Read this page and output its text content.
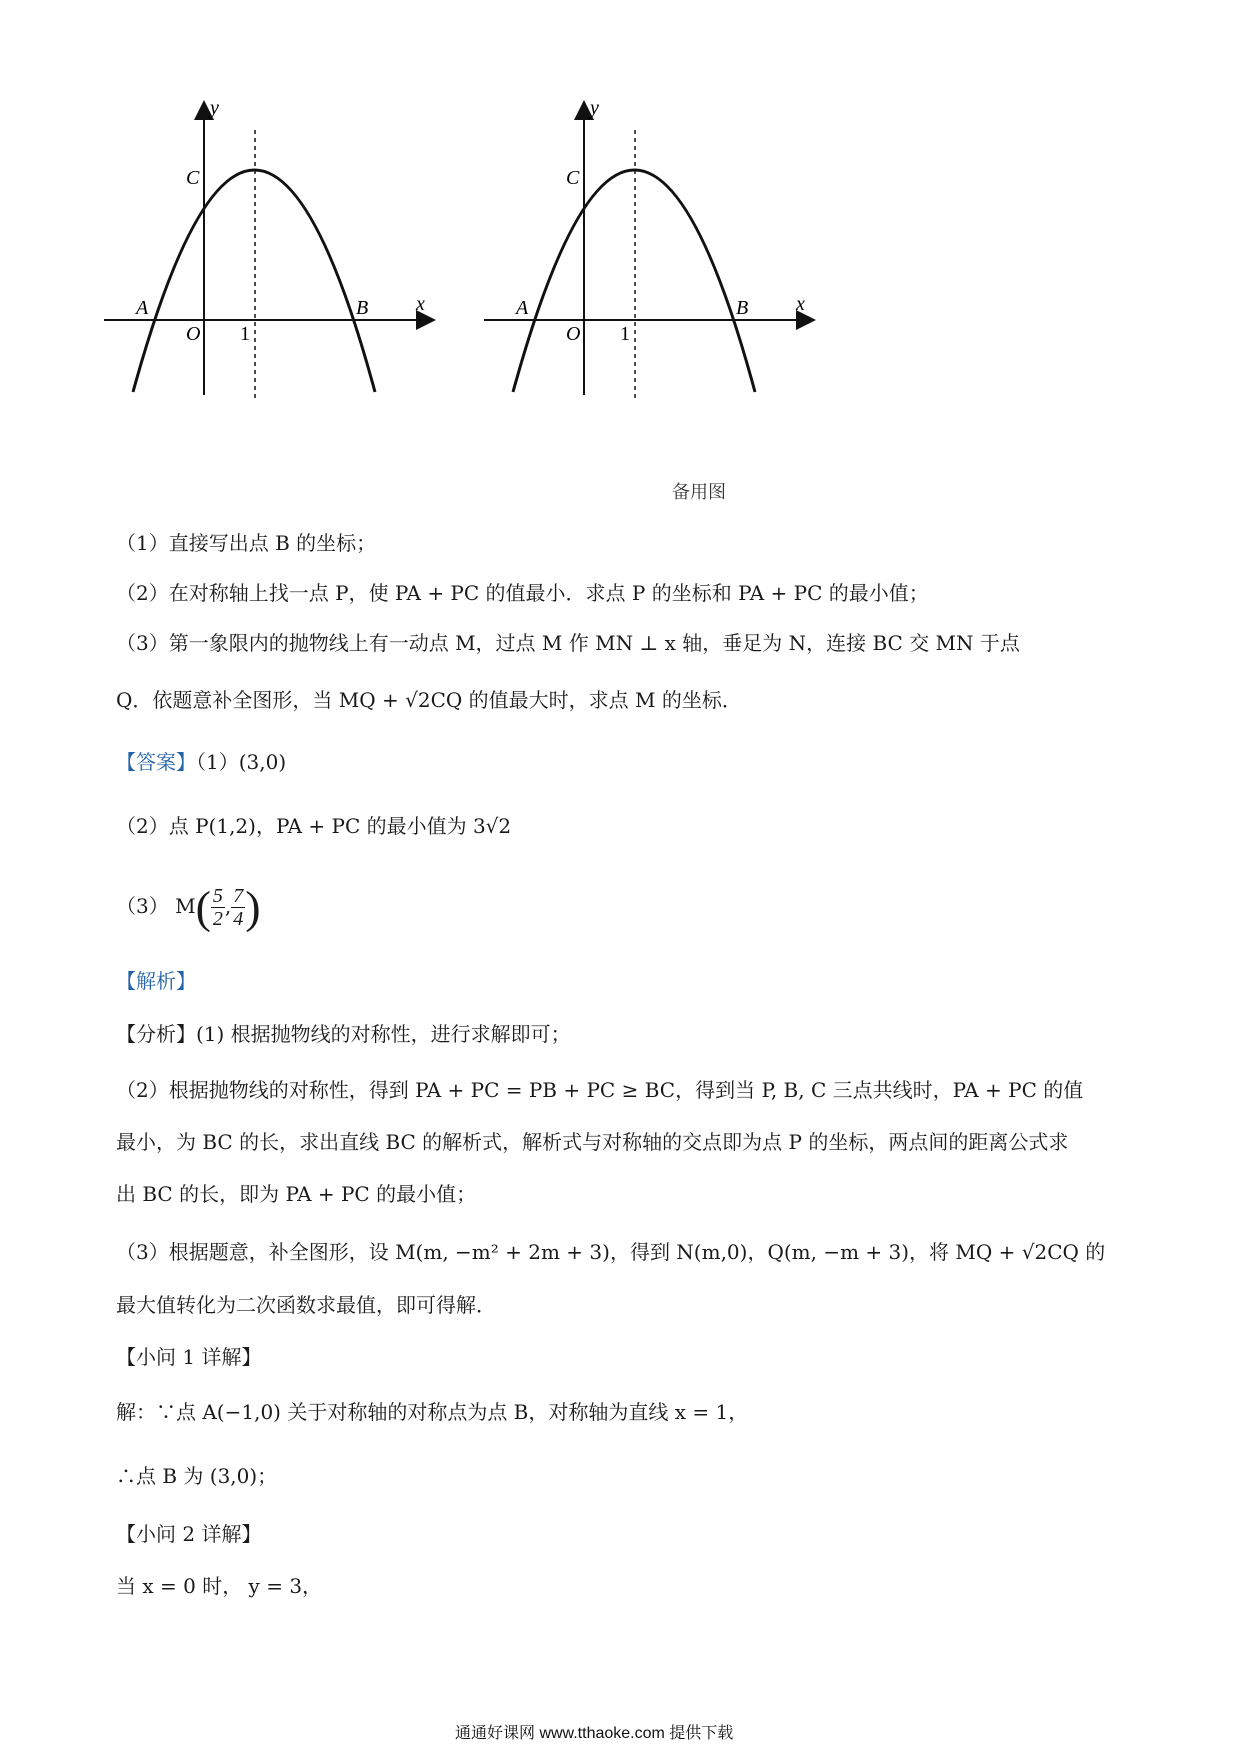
y
x
C
A	B
O 1
y
x
C
A	B
O 1
备用图
（1）直接写出点 B 的坐标；
（2）在对称轴上找一点 P，使 PA + PC 的值最小．求点 P 的坐标和 PA + PC 的最小值；
（3）第一象限内的抛物线上有一动点 M，过点 M 作 MN ⊥ x 轴，垂足为 N，连接 BC 交 MN 于点
Q．依题意补全图形，当 MQ + √2CQ 的值最大时，求点 M 的坐标．
【答案】（1）(3,0)
（2）点 P(1,2)，PA + PC 的最小值为 3√2
（3） $M( \frac{5}{2}$ , $\frac{7}{4}$ )
【解析】
【分析】(1) 根据抛物线的对称性，进行求解即可；
（2）根据抛物线的对称性，得到 PA + PC = PB + PC ≥ BC，得到当 P, B, C 三点共线时，PA + PC 的值
最小，为 BC 的长，求出直线 BC 的解析式，解析式与对称轴的交点即为点 P 的坐标，两点间的距离公式求
出 BC 的长，即为 PA + PC 的最小值；
（3）根据题意，补全图形，设 M(m, −m² + 2m + 3)，得到 N(m,0)，Q(m, −m + 3)，将 MQ + √2CQ 的
最大值转化为二次函数求最值，即可得解．
【小问 1 详解】
解：∵点 A(−1,0) 关于对称轴的对称点为点 B，对称轴为直线 x = 1，
∴点 B 为 (3,0)；
【小问 2 详解】
当 x = 0 时， y = 3，
通通好课网 www.tthaoke.com 提供下载
